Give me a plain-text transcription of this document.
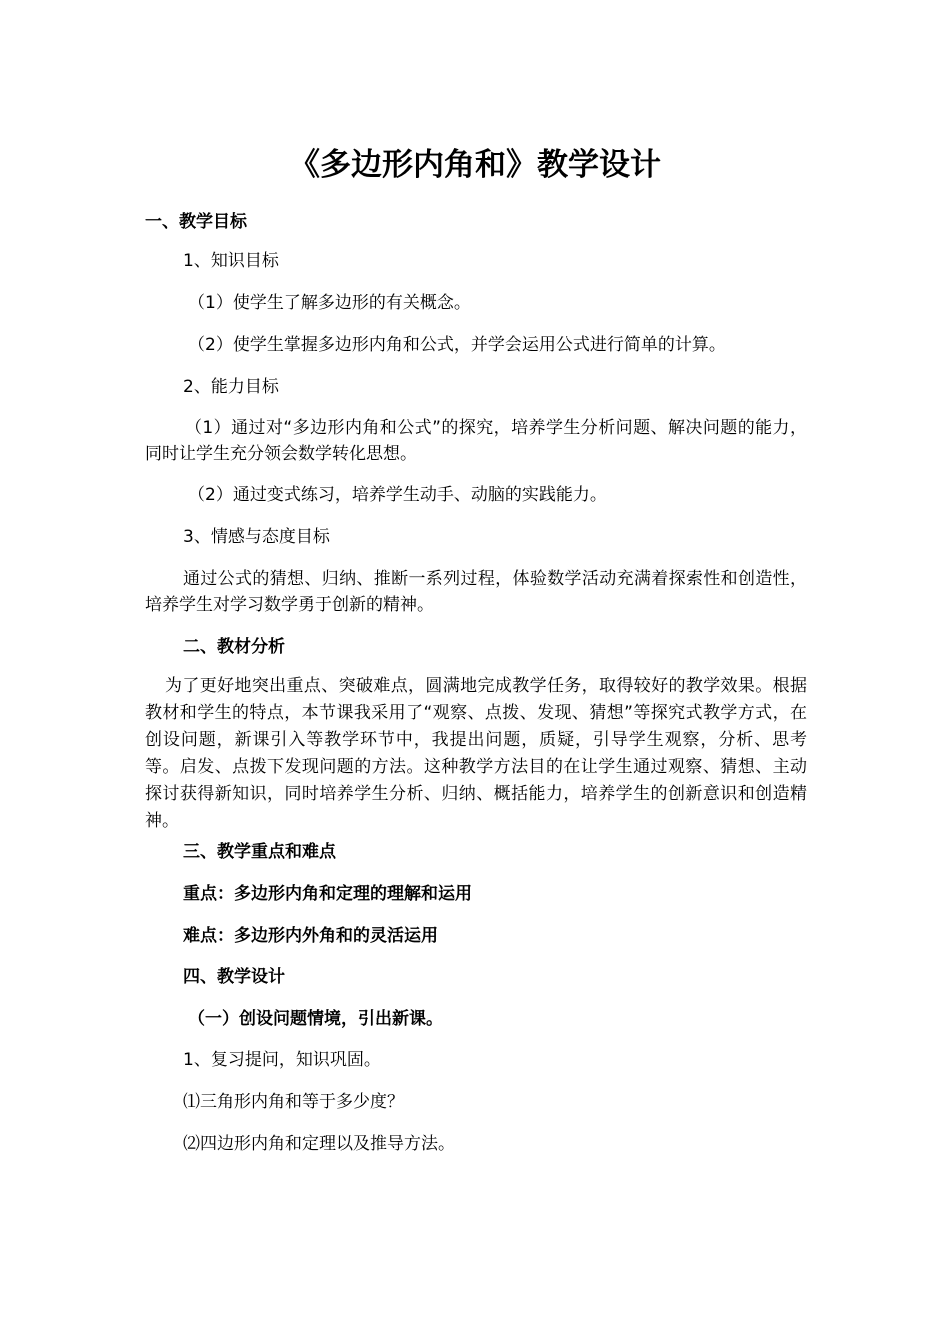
《多边形内角和》教学设计
一、教学目标
1、知识目标
（1）使学生了解多边形的有关概念。
（2）使学生掌握多边形内角和公式，并学会运用公式进行简单的计算。
2、能力目标
（1）通过对“多边形内角和公式”的探究，培养学生分析问题、解决问题的能力，同时让学生充分领会数学转化思想。
（2）通过变式练习，培养学生动手、动脑的实践能力。
3、情感与态度目标
通过公式的猜想、归纳、推断一系列过程，体验数学活动充满着探索性和创造性，培养学生对学习数学勇于创新的精神。
二、教材分析
为了更好地突出重点、突破难点，圆满地完成教学任务，取得较好的教学效果。根据教材和学生的特点，本节课我采用了“观察、点拨、发现、猜想”等探究式教学方式，在创设问题，新课引入等教学环节中，我提出问题，质疑，引导学生观察，分析、思考等。启发、点拨下发现问题的方法。这种教学方法目的在让学生通过观察、猜想、主动探讨获得新知识，同时培养学生分析、归纳、概括能力，培养学生的创新意识和创造精神。
三、教学重点和难点
重点：多边形内角和定理的理解和运用
难点：多边形内外角和的灵活运用
四、教学设计
（一）创设问题情境，引出新课。
1、复习提问，知识巩固。
⑴三角形内角和等于多少度？
⑵四边形内角和定理以及推导方法。
